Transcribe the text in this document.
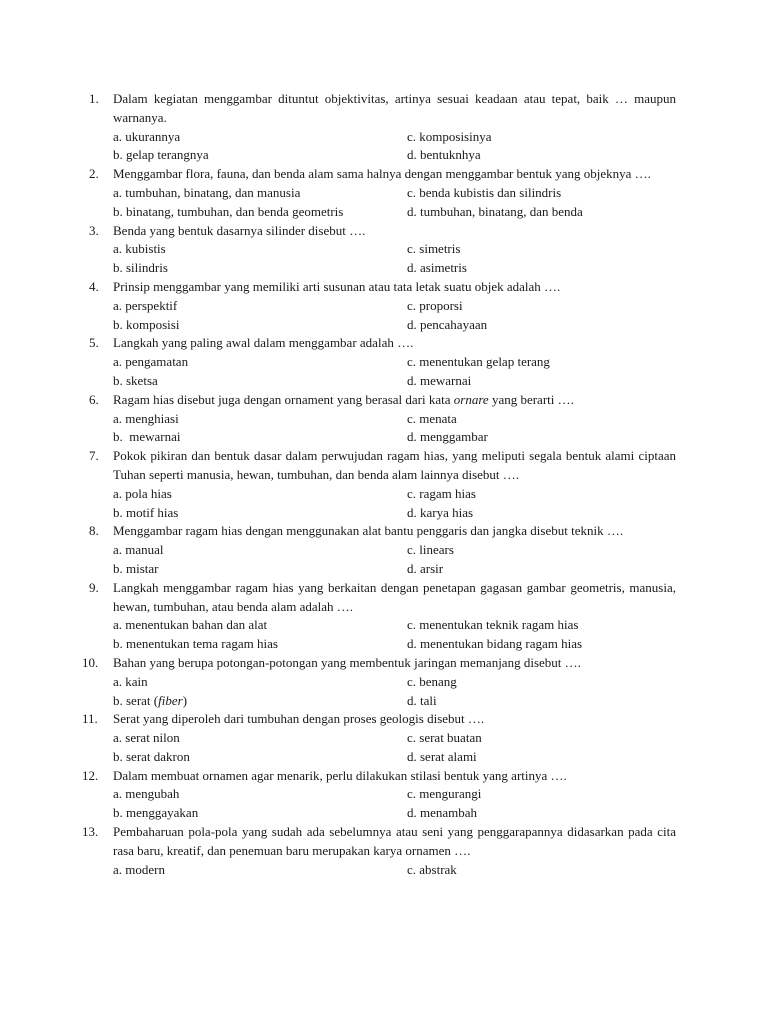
1.	Dalam kegiatan menggambar dituntut objektivitas, artinya sesuai keadaan atau tepat, baik … maupun warnanya.
a. ukurannya	c. komposisinya
b. gelap terangnya	d. bentuknhya
2.	Menggambar flora, fauna, dan benda alam sama halnya dengan menggambar bentuk yang objeknya ….
a. tumbuhan, binatang, dan manusia	c. benda kubistis dan silindris
b. binatang, tumbuhan, dan benda geometris	d. tumbuhan, binatang, dan benda
3.	Benda yang bentuk dasarnya silinder disebut ….
a. kubistis	c. simetris
b. silindris	d. asimetris
4.	Prinsip menggambar yang memiliki arti susunan atau tata letak suatu objek adalah ….
a. perspektif	c. proporsi
b. komposisi	d. pencahayaan
5.	Langkah yang paling awal dalam menggambar adalah ….
a. pengamatan	c. menentukan gelap terang
b. sketsa	d. mewarnai
6.	Ragam hias disebut juga dengan ornament yang berasal dari kata ornare yang berarti ….
a. menghiasi	c. menata
b.  mewarnai	d. menggambar
7.	Pokok pikiran dan bentuk dasar dalam perwujudan ragam hias, yang meliputi segala bentuk alami ciptaan Tuhan seperti manusia, hewan, tumbuhan, dan benda alam lainnya disebut ….
a. pola hias	c. ragam hias
b. motif hias	d. karya hias
8.	Menggambar ragam hias dengan menggunakan alat bantu penggaris dan jangka disebut teknik ….
a. manual	c. linears
b. mistar	d. arsir
9.	Langkah menggambar ragam hias yang berkaitan dengan penetapan gagasan gambar geometris, manusia, hewan, tumbuhan, atau benda alam adalah ….
a. menentukan bahan dan alat	c. menentukan teknik ragam hias
b. menentukan tema ragam hias	d. menentukan bidang ragam hias
10.	Bahan yang berupa potongan-potongan yang membentuk jaringan memanjang disebut ….
a. kain	c. benang
b. serat (fiber)	d. tali
11.	Serat yang diperoleh dari tumbuhan dengan proses geologis disebut ….
a. serat nilon	c. serat buatan
b. serat dakron	d. serat alami
12.	Dalam membuat ornamen agar menarik, perlu dilakukan stilasi bentuk yang artinya ….
a. mengubah	c. mengurangi
b. menggayakan	d. menambah
13.	Pembaharuan pola-pola yang sudah ada sebelumnya atau seni yang penggarapannya didasarkan pada cita rasa baru, kreatif, dan penemuan baru merupakan karya ornamen ….
a. modern	c. abstrak
